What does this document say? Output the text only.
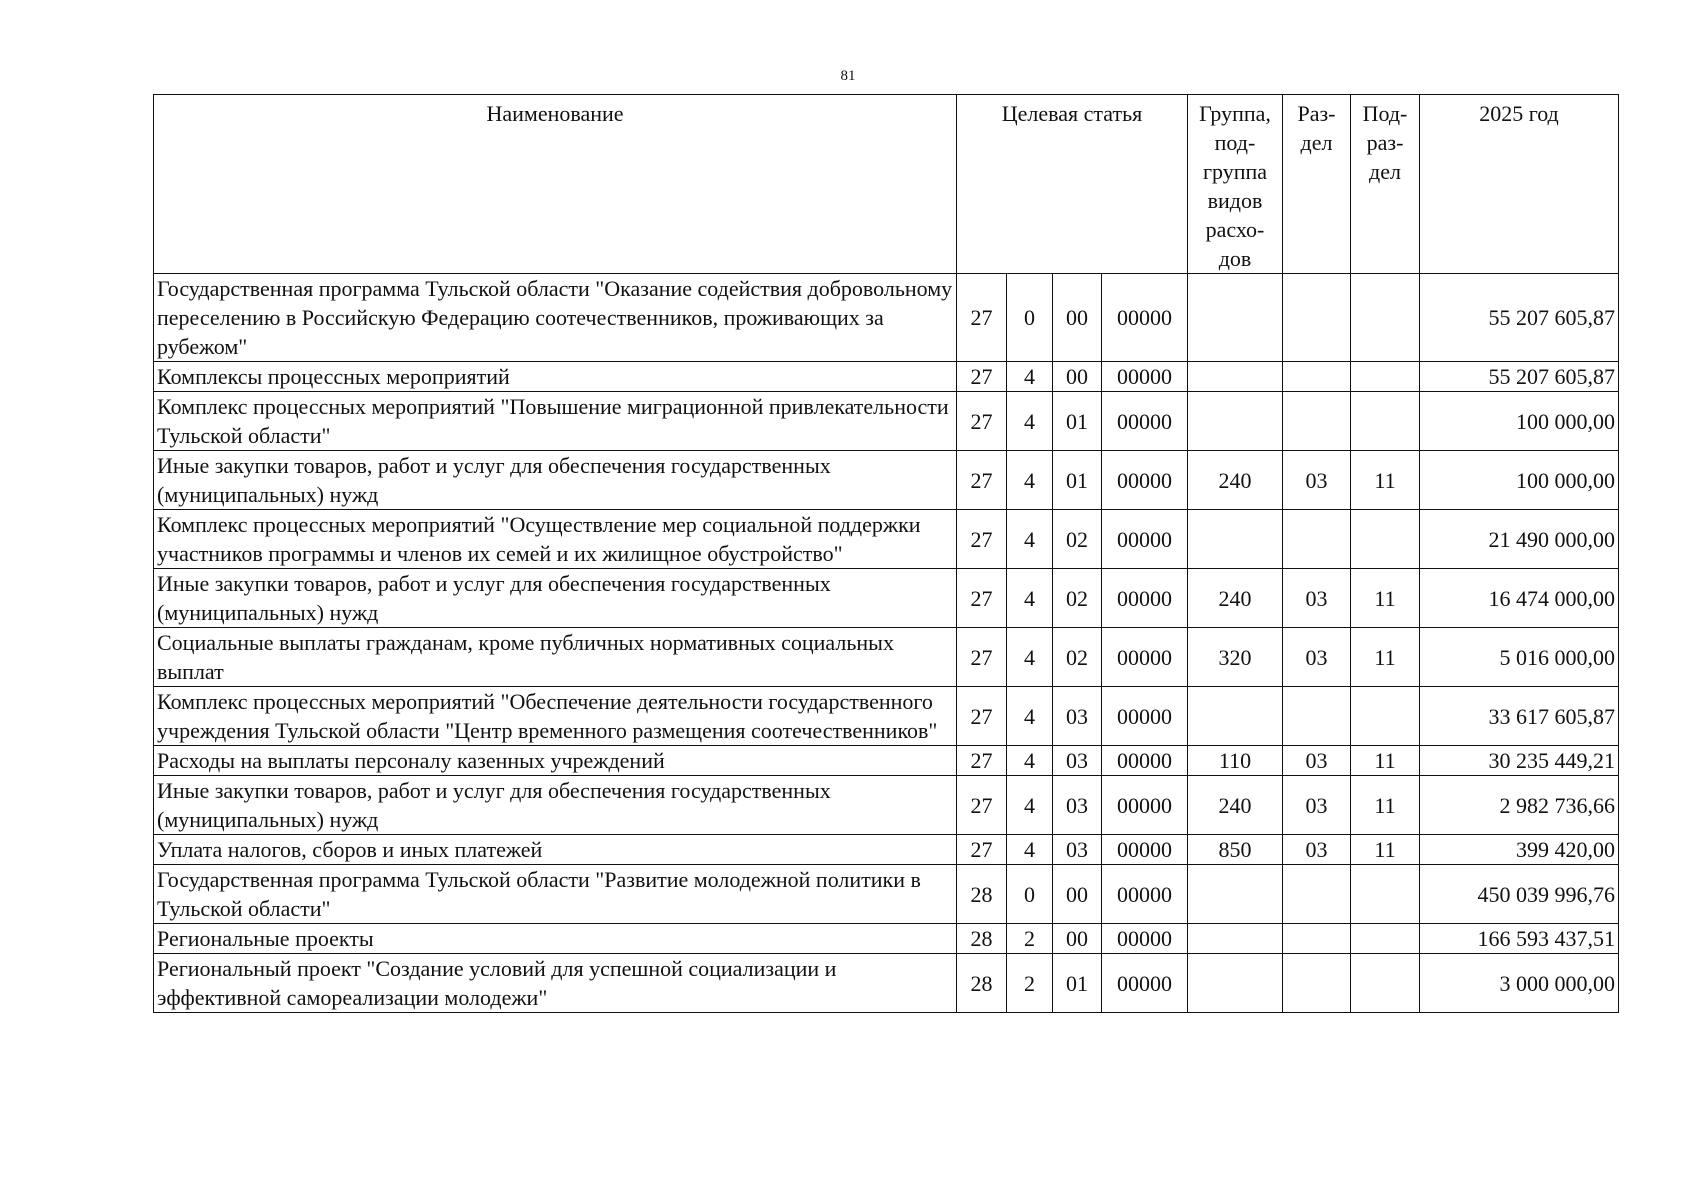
81
Наименование	Целевая статья				Группа, под-группа видов расхо-дов	Раз-дел	Под-раз-дел	2025 год
Государственная программа Тульской области "Оказание содействия добровольному переселению в Российскую Федерацию соотечественников, проживающих за рубежом"	27	0	00	00000				55 207 605,87
Комплексы процессных мероприятий	27	4	00	00000				55 207 605,87
Комплекс процессных мероприятий "Повышение миграционной привлекательности Тульской области"	27	4	01	00000				100 000,00
Иные закупки товаров, работ и услуг для обеспечения государственных (муниципальных) нужд	27	4	01	00000	240	03	11	100 000,00
Комплекс процессных мероприятий "Осуществление мер социальной поддержки участников программы и членов их семей и их жилищное обустройство"	27	4	02	00000				21 490 000,00
Иные закупки товаров, работ и услуг для обеспечения государственных (муниципальных) нужд	27	4	02	00000	240	03	11	16 474 000,00
Социальные выплаты гражданам, кроме публичных нормативных социальных выплат	27	4	02	00000	320	03	11	5 016 000,00
Комплекс процессных мероприятий "Обеспечение деятельности государственного учреждения Тульской области "Центр временного размещения соотечественников"	27	4	03	00000				33 617 605,87
Расходы на выплаты персоналу казенных учреждений	27	4	03	00000	110	03	11	30 235 449,21
Иные закупки товаров, работ и услуг для обеспечения государственных (муниципальных) нужд	27	4	03	00000	240	03	11	2 982 736,66
Уплата налогов, сборов и иных платежей	27	4	03	00000	850	03	11	399 420,00
Государственная программа Тульской области "Развитие молодежной политики в Тульской области"	28	0	00	00000				450 039 996,76
Региональные проекты	28	2	00	00000				166 593 437,51
Региональный проект "Создание условий для успешной социализации и эффективной самореализации молодежи"	28	2	01	00000				3 000 000,00
